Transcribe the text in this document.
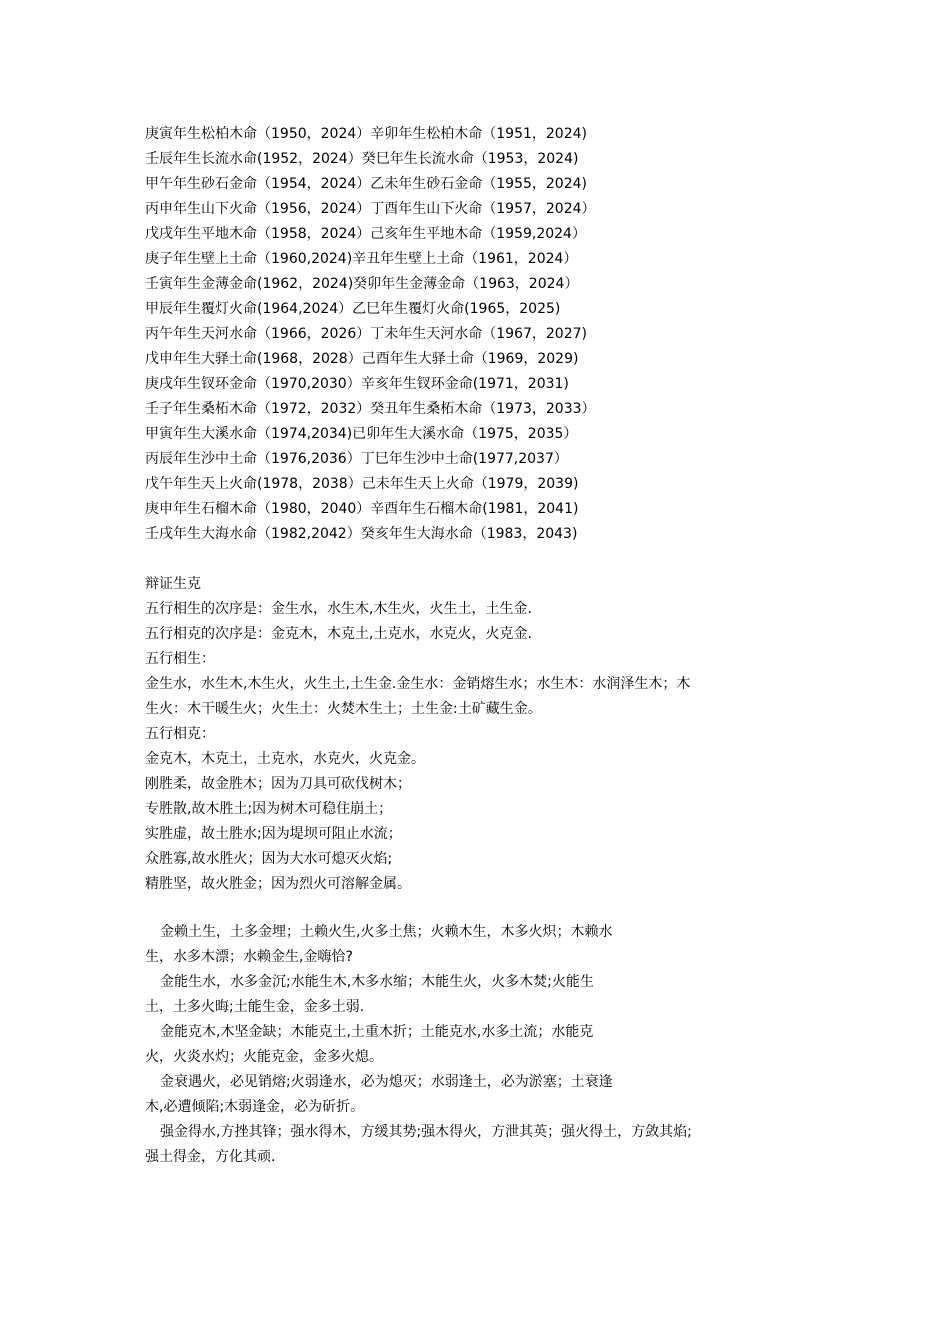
庚寅年生松柏木命（1950，2024）辛卯年生松柏木命（1951，2024)
壬辰年生长流水命(1952，2024）癸巳年生长流水命（1953，2024)
甲午年生砂石金命（1954，2024）乙未年生砂石金命（1955，2024)
丙申年生山下火命（1956，2024）丁酉年生山下火命（1957，2024）
戊戌年生平地木命（1958，2024）己亥年生平地木命（1959,2024）
庚子年生壁上土命（1960,2024)辛丑年生壁上土命（1961，2024）
壬寅年生金薄金命(1962，2024)癸卯年生金薄金命（1963，2024）
甲辰年生覆灯火命(1964,2024）乙巳年生覆灯火命(1965，2025)
丙午年生天河水命（1966，2026）丁未年生天河水命（1967，2027)
戊申年生大驿土命(1968，2028）己酉年生大驿土命（1969，2029)
庚戌年生钗环金命（1970,2030）辛亥年生钗环金命(1971，2031)
壬子年生桑柘木命（1972，2032）癸丑年生桑柘木命（1973，2033）
甲寅年生大溪水命（1974,2034)已卯年生大溪水命（1975，2035）
丙辰年生沙中土命（1976,2036）丁巳年生沙中土命(1977,2037）
戊午年生天上火命(1978，2038）己未年生天上火命（1979，2039)
庚申年生石榴木命（1980，2040）辛酉年生石榴木命(1981，2041)
壬戌年生大海水命（1982,2042）癸亥年生大海水命（1983，2043)
辩证生克
五行相生的次序是：金生水，水生木,木生火，火生土，土生金.
五行相克的次序是：金克木，木克土,土克水，水克火，火克金.
五行相生：
金生水，水生木,木生火，火生土,土生金.金生水：金销熔生水；水生木：水润泽生木；木
生火：木干暖生火；火生土：火焚木生土；土生金:土矿藏生金。
五行相克：
金克木，木克土，土克水，水克火，火克金。
刚胜柔，故金胜木；因为刀具可砍伐树木；
专胜散,故木胜土;因为树木可稳住崩土；
实胜虚，故土胜水;因为堤坝可阻止水流；
众胜寡,故水胜火；因为大水可熄灭火焰;
精胜坚，故火胜金；因为烈火可溶解金属。
金赖土生，土多金埋；土赖火生,火多土焦；火赖木生，木多火炽；木赖水
生，水多木漂；水赖金生,金嗨恰?
金能生水，水多金沉;水能生木,木多水缩；木能生火，火多木焚;火能生
土，土多火晦;土能生金，金多土弱.
金能克木,木坚金缺；木能克土,土重木折；土能克水,水多土流；水能克
火，火炎水灼；火能克金，金多火熄。
金衰遇火，必见销熔;火弱逢水，必为熄灭；水弱逢土，必为淤塞；土衰逢
木,必遭倾陷;木弱逢金，必为斫折。
强金得水,方挫其锋；强水得木，方缓其势;强木得火，方泄其英；强火得土，方敛其焰;
强土得金，方化其顽.
